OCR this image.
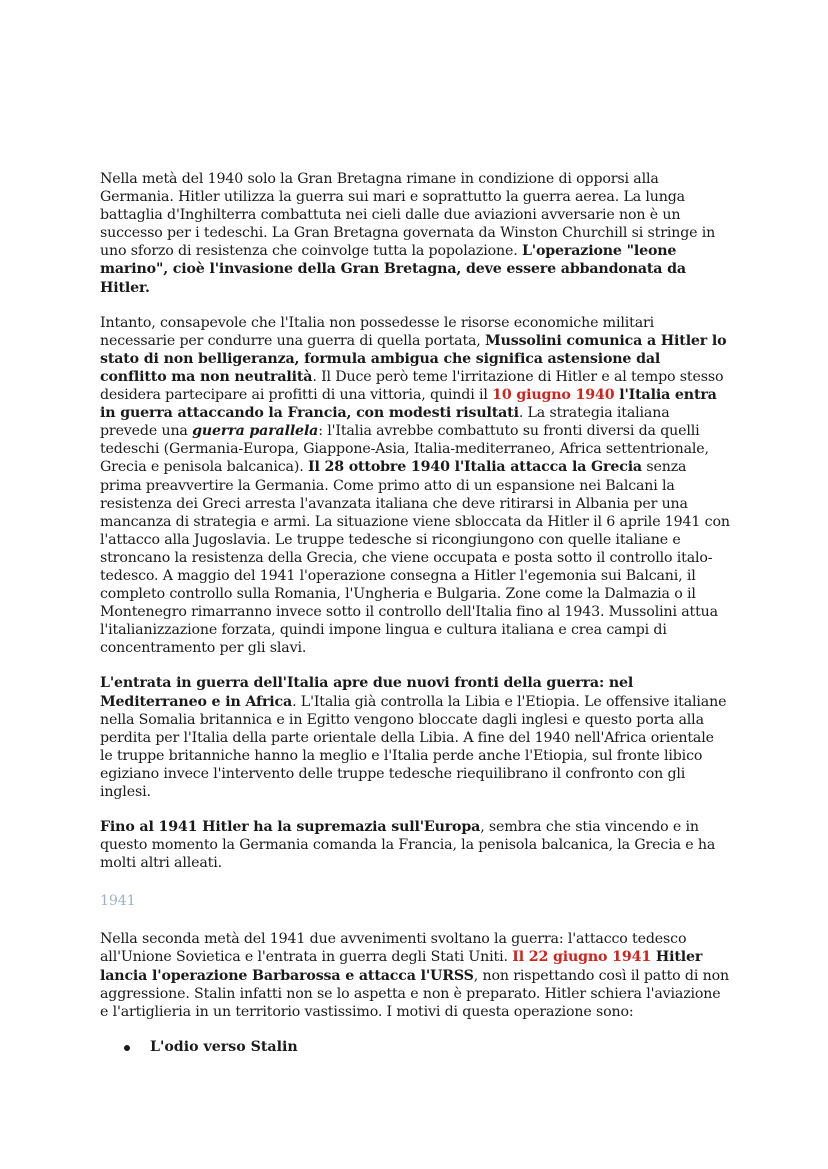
Nella metà del 1940 solo la Gran Bretagna rimane in condizione di opporsi alla Germania. Hitler utilizza la guerra sui mari e soprattutto la guerra aerea. La lunga battaglia d'Inghilterra combattuta nei cieli dalle due aviazioni avversarie non è un successo per i tedeschi. La Gran Bretagna governata da Winston Churchill si stringe in uno sforzo di resistenza che coinvolge tutta la popolazione. L'operazione "leone marino", cioè l'invasione della Gran Bretagna, deve essere abbandonata da Hitler.

Intanto, consapevole che l'Italia non possedesse le risorse economiche militari necessarie per condurre una guerra di quella portata, Mussolini comunica a Hitler lo stato di non belligeranza, formula ambigua che significa astensione dal conflitto ma non neutralità. Il Duce però teme l'irritazione di Hitler e al tempo stesso desidera partecipare ai profitti di una vittoria, quindi il 10 giugno 1940 l'Italia entra in guerra attaccando la Francia, con modesti risultati. La strategia italiana prevede una guerra parallela: l'Italia avrebbe combattuto su fronti diversi da quelli tedeschi (Germania-Europa, Giappone-Asia, Italia-mediterraneo, Africa settentrionale, Grecia e penisola balcanica). Il 28 ottobre 1940 l'Italia attacca la Grecia senza prima preavvertire la Germania. Come primo atto di un espansione nei Balcani la resistenza dei Greci arresta l'avanzata italiana che deve ritirarsi in Albania per una mancanza di strategia e armi. La situazione viene sbloccata da Hitler il 6 aprile 1941 con l'attacco alla Jugoslavia. Le truppe tedesche si ricongiungono con quelle italiane e stroncano la resistenza della Grecia, che viene occupata e posta sotto il controllo italo-tedesco. A maggio del 1941 l'operazione consegna a Hitler l'egemonia sui Balcani, il completo controllo sulla Romania, l'Ungheria e Bulgaria. Zone come la Dalmazia o il Montenegro rimarranno invece sotto il controllo dell'Italia fino al 1943. Mussolini attua l'italianizzazione forzata, quindi impone lingua e cultura italiana e crea campi di concentramento per gli slavi.

L'entrata in guerra dell'Italia apre due nuovi fronti della guerra: nel Mediterraneo e in Africa. L'Italia già controlla la Libia e l'Etiopia. Le offensive italiane nella Somalia britannica e in Egitto vengono bloccate dagli inglesi e questo porta alla perdita per l'Italia della parte orientale della Libia. A fine del 1940 nell'Africa orientale le truppe britanniche hanno la meglio e l'Italia perde anche l'Etiopia, sul fronte libico egiziano invece l'intervento delle truppe tedesche riequilibrano il confronto con gli inglesi.

Fino al 1941 Hitler ha la supremazia sull'Europa, sembra che stia vincendo e in questo momento la Germania comanda la Francia, la penisola balcanica, la Grecia e ha molti altri alleati.

1941

Nella seconda metà del 1941 due avvenimenti svoltano la guerra: l'attacco tedesco all'Unione Sovietica e l'entrata in guerra degli Stati Uniti. Il 22 giugno 1941 Hitler lancia l'operazione Barbarossa e attacca l'URSS, non rispettando così il patto di non aggressione. Stalin infatti non se lo aspetta e non è preparato. Hitler schiera l'aviazione e l'artiglieria in un territorio vastissimo. I motivi di questa operazione sono:

L'odio verso Stalin
